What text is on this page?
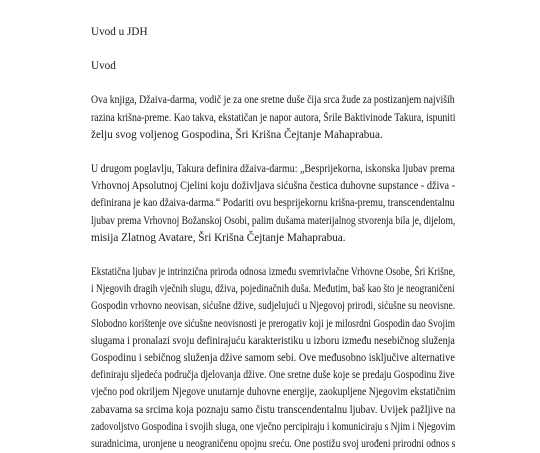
Uvod u JDH

Uvod

Ova knjiga, Džaiva-darma, vodič je za one sretne duše čija srca žude za postizanjem najviših

razina krišna-preme. Kao takva, ekstatičan je napor autora, Šrile Baktivinode Takura, ispuniti

želju svog voljenog Gospodina, Šri Krišna Čejtanje Mahaprabua.

U drugom poglavlju, Takura definira džaiva-darmu: „Besprijekorna, iskonska ljubav prema

Vrhovnoj Apsolutnoj Cjelini koju doživljava sićušna čestica duhovne supstance - dživa -

definirana je kao džaiva-darma.“ Podariti ovu besprijekornu krišna-premu, transcendentalnu

ljubav prema Vrhovnoj Božanskoj Osobi, palim dušama materijalnog stvorenja bila je, dijelom,

misija Zlatnog Avatare, Šri Krišna Čejtanje Mahaprabua.

Ekstatična ljubav je intrinzična priroda odnosa između svemrivlačne Vrhovne Osobe, Šri Krišne,

i Njegovih dragih vječnih slugu, dživa, pojedinačnih duša. Međutim, baš kao što je neograničeni

Gospodin vrhovno neovisan, sićušne džive, sudjelujući u Njegovoj prirodi, sićušne su neovisne.

Slobodno korištenje ove sićušne neovisnosti je prerogativ koji je milosrdni Gospodin dao Svojim

slugama i pronalazi svoju definirajuću karakteristiku u izboru između nesebičnog služenja

Gospodinu i sebičnog služenja džive samom sebi. Ove međusobno isključive alternative

definiraju sljedeća područja djelovanja džive. One sretne duše koje se predaju Gospodinu žive

vječno pod okriljem Njegove unutarnje duhovne energije, zaokupljene Njegovim ekstatičnim

zabavama sa srcima koja poznaju samo čistu transcendentalnu ljubav. Uvijek pažljive na

zadovoljstvo Gospodina i svojih sluga, one vječno percipiraju i komuniciraju s Njim i Njegovim

suradnicima, uronjene u neograničenu opojnu sreću. One postižu svoj urođeni prirodni odnos s
